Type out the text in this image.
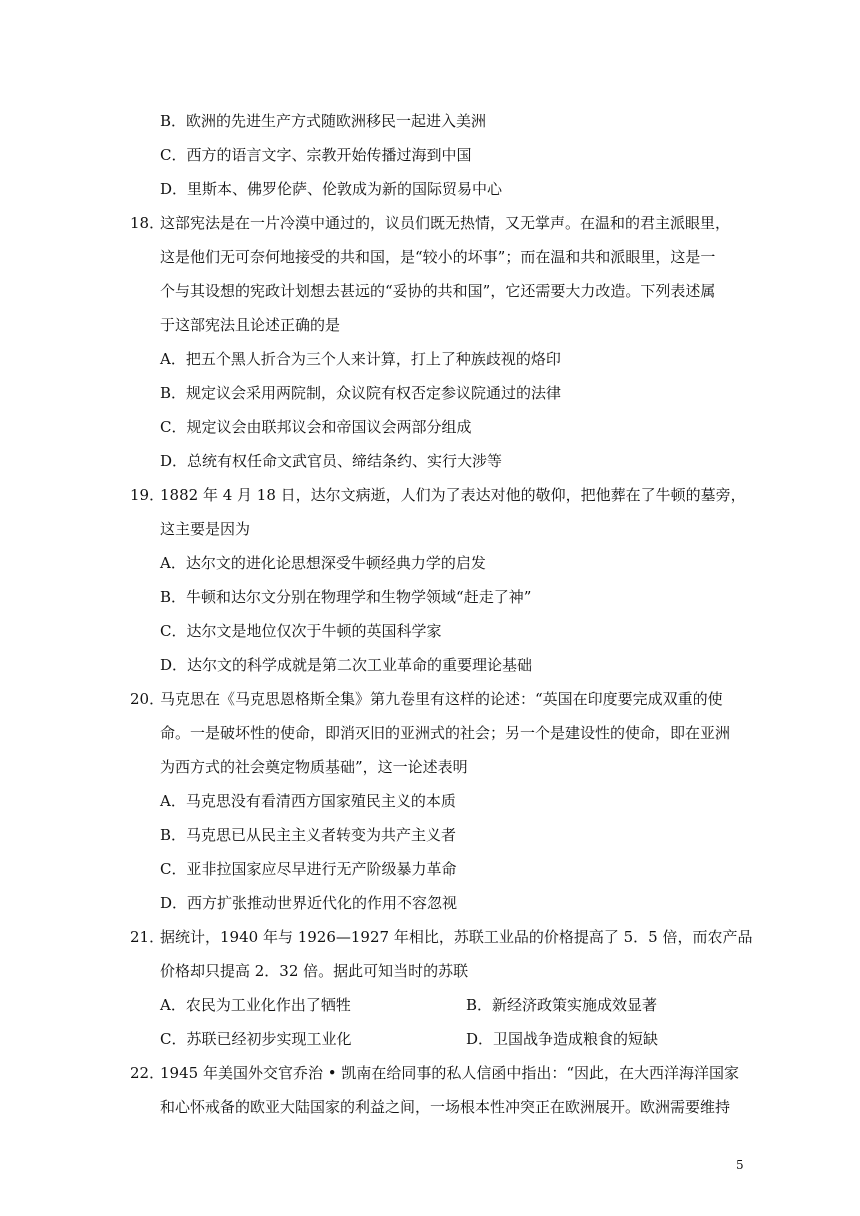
B．欧洲的先进生产方式随欧洲移民一起进入美洲
C．西方的语言文字、宗教开始传播过海到中国
D．里斯本、佛罗伦萨、伦敦成为新的国际贸易中心
18．
这部宪法是在一片冷漠中通过的，议员们既无热情，又无掌声。在温和的君主派眼里，
这是他们无可奈何地接受的共和国，是“较小的坏事”；而在温和共和派眼里，这是一
个与其设想的宪政计划想去甚远的“妥协的共和国”，它还需要大力改造。下列表述属
于这部宪法且论述正确的是
A．把五个黑人折合为三个人来计算，打上了种族歧视的烙印
B．规定议会采用两院制，众议院有权否定参议院通过的法律
C．规定议会由联邦议会和帝国议会两部分组成
D．总统有权任命文武官员、缔结条约、实行大涉等
19．
1882 年 4 月 18 日，达尔文病逝，人们为了表达对他的敬仰，把他葬在了牛顿的墓旁，
这主要是因为
A．达尔文的进化论思想深受牛顿经典力学的启发
B．牛顿和达尔文分别在物理学和生物学领域“赶走了神”
C．达尔文是地位仅次于牛顿的英国科学家
D．达尔文的科学成就是第二次工业革命的重要理论基础
20．
马克思在《马克思恩格斯全集》第九卷里有这样的论述：“英国在印度要完成双重的使
命。一是破坏性的使命，即消灭旧的亚洲式的社会；另一个是建设性的使命，即在亚洲
为西方式的社会奠定物质基础”，这一论述表明
A．马克思没有看清西方国家殖民主义的本质
B．马克思已从民主主义者转变为共产主义者
C．亚非拉国家应尽早进行无产阶级暴力革命
D．西方扩张推动世界近代化的作用不容忽视
21．
据统计，1940 年与 1926—1927 年相比，苏联工业品的价格提高了 5．5 倍，而农产品
价格却只提高 2．32 倍。据此可知当时的苏联
A．农民为工业化作出了牺牲	B．新经济政策实施成效显著
C．苏联已经初步实现工业化	D．卫国战争造成粮食的短缺
22．
1945 年美国外交官乔治 • 凯南在给同事的私人信函中指出：“因此，在大西洋海洋国家
和心怀戒备的欧亚大陆国家的利益之间，一场根本性冲突正在欧洲展开。欧洲需要维持
5
